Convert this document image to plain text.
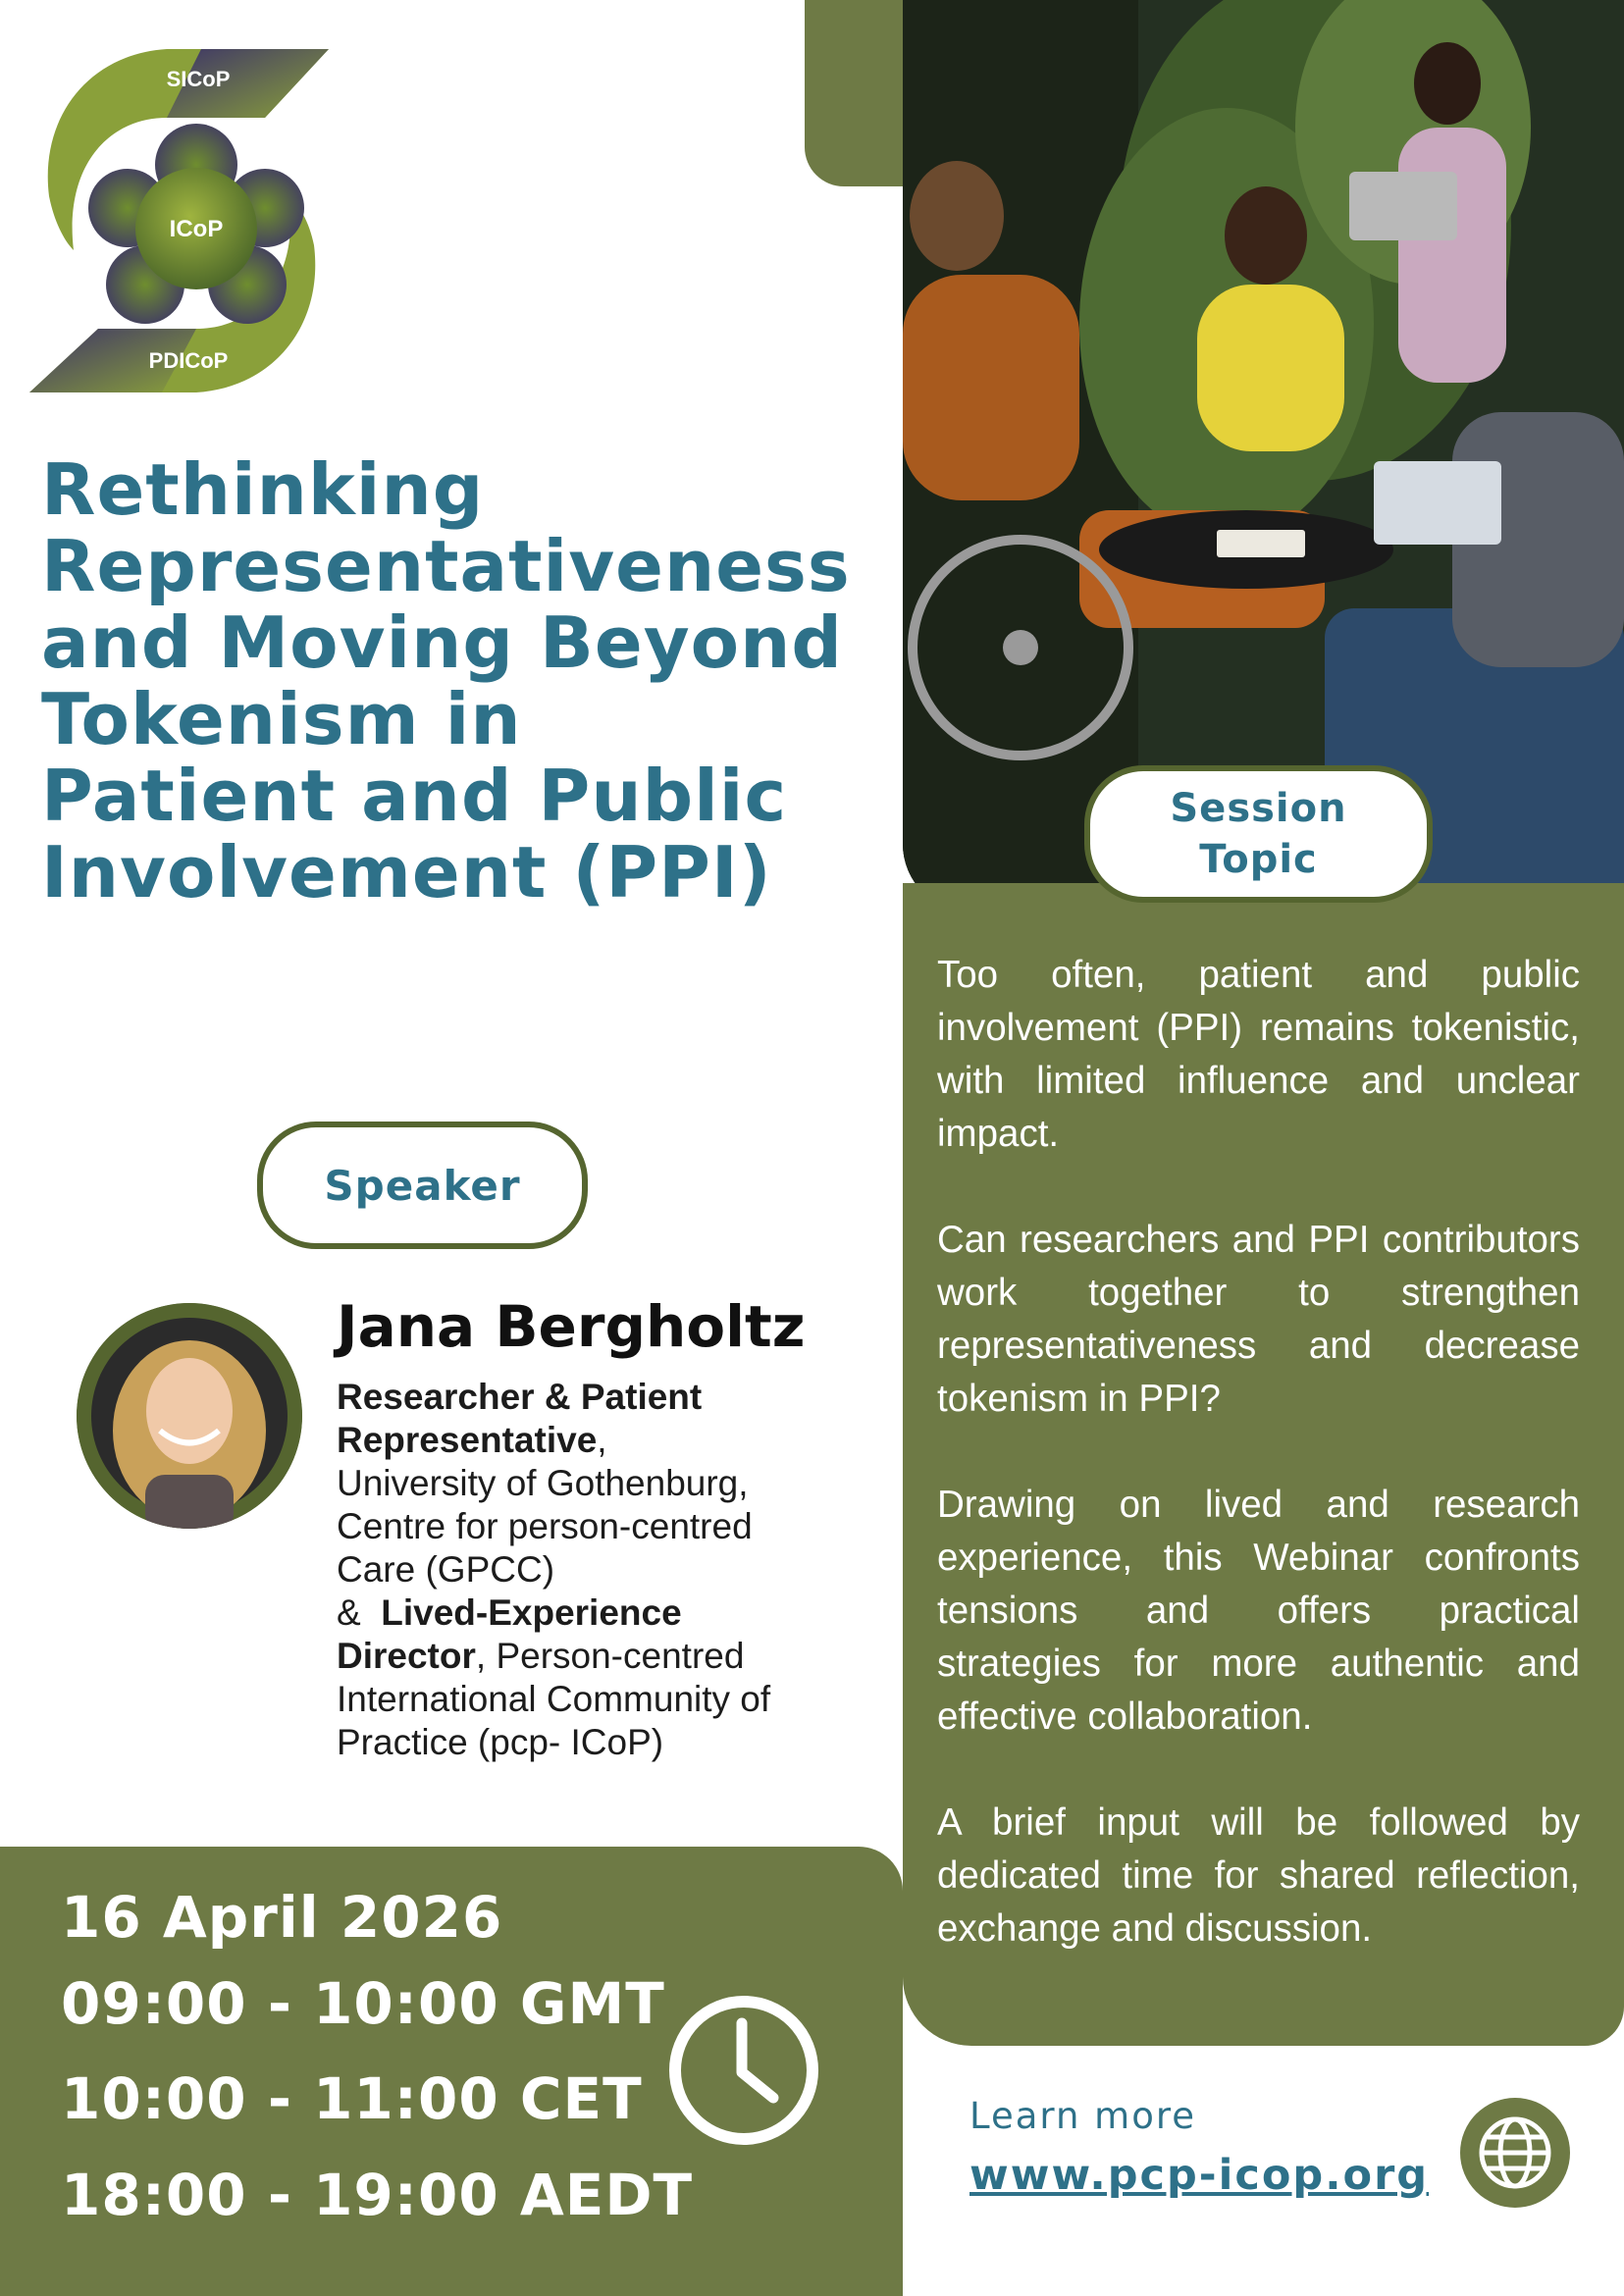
SICoP
ICoP
PDICoP
Rethinking
Representativeness
and Moving Beyond
Tokenism in
Patient and Public
Involvement (PPI)
Session
Topic

Too often, patient and public involvement (PPI) remains tokenistic, with limited influence and unclear impact.

Can researchers and PPI contributors work together to strengthen representativeness and decrease tokenism in PPI?

Drawing on lived and research experience, this Webinar confronts tensions and offers practical strategies for more authentic and effective collaboration.

A brief input will be followed by dedicated time for shared reflection, exchange and discussion.

Learn more
www.pcp-icop.org
Speaker
Jana Bergholtz
Researcher & Patient Representative,
University of Gothenburg,
Centre for person-centred
Care (GPCC)
& Lived-Experience
Director, Person-centred
International Community of
Practice (pcp- ICoP)
16 April 2026
09:00 - 10:00 GMT
10:00 - 11:00 CET
18:00 - 19:00 AEDT
